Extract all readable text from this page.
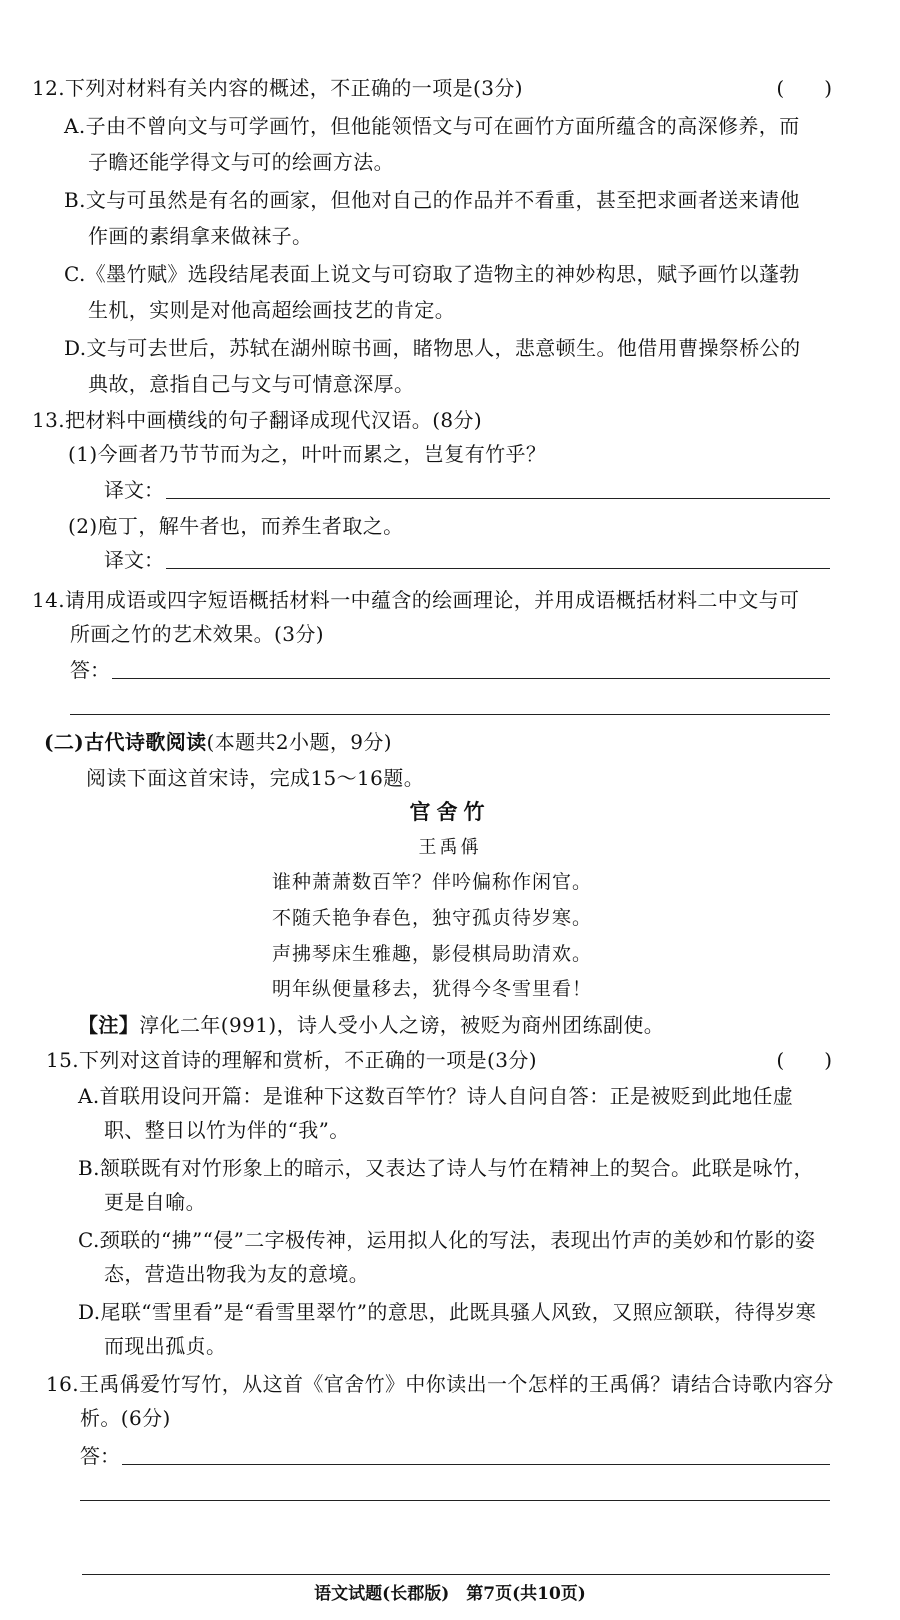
12.下列对材料有关内容的概述，不正确的一项是(3分)	(　　)
A.子由不曾向文与可学画竹，但他能领悟文与可在画竹方面所蕴含的高深修养，而
子瞻还能学得文与可的绘画方法。
B.文与可虽然是有名的画家，但他对自己的作品并不看重，甚至把求画者送来请他
作画的素绢拿来做袜子。
C.《墨竹赋》选段结尾表面上说文与可窃取了造物主的神妙构思，赋予画竹以蓬勃
生机，实则是对他高超绘画技艺的肯定。
D.文与可去世后，苏轼在湖州晾书画，睹物思人，悲意顿生。他借用曹操祭桥公的
典故，意指自己与文与可情意深厚。
13.把材料中画横线的句子翻译成现代汉语。(8分)
(1)今画者乃节节而为之，叶叶而累之，岂复有竹乎？
译文：
(2)庖丁，解牛者也，而养生者取之。
译文：
14.请用成语或四字短语概括材料一中蕴含的绘画理论，并用成语概括材料二中文与可
所画之竹的艺术效果。(3分)
答：
(二)古代诗歌阅读(本题共2小题，9分)
阅读下面这首宋诗，完成15～16题。
官舍竹
王禹偁
谁种萧萧数百竿？伴吟偏称作闲官。
不随夭艳争春色，独守孤贞待岁寒。
声拂琴床生雅趣，影侵棋局助清欢。
明年纵便量移去，犹得今冬雪里看！
【注】淳化二年(991)，诗人受小人之谤，被贬为商州团练副使。
15.下列对这首诗的理解和赏析，不正确的一项是(3分)	(　　)
A.首联用设问开篇：是谁种下这数百竿竹？诗人自问自答：正是被贬到此地任虚
职、整日以竹为伴的“我”。
B.颔联既有对竹形象上的暗示，又表达了诗人与竹在精神上的契合。此联是咏竹，
更是自喻。
C.颈联的“拂”“侵”二字极传神，运用拟人化的写法，表现出竹声的美妙和竹影的姿
态，营造出物我为友的意境。
D.尾联“雪里看”是“看雪里翠竹”的意思，此既具骚人风致，又照应颔联，待得岁寒
而现出孤贞。
16.王禹偁爱竹写竹，从这首《官舍竹》中你读出一个怎样的王禹偁？请结合诗歌内容分
析。(6分)
答：
语文试题(长郡版)　第7页(共10页)
